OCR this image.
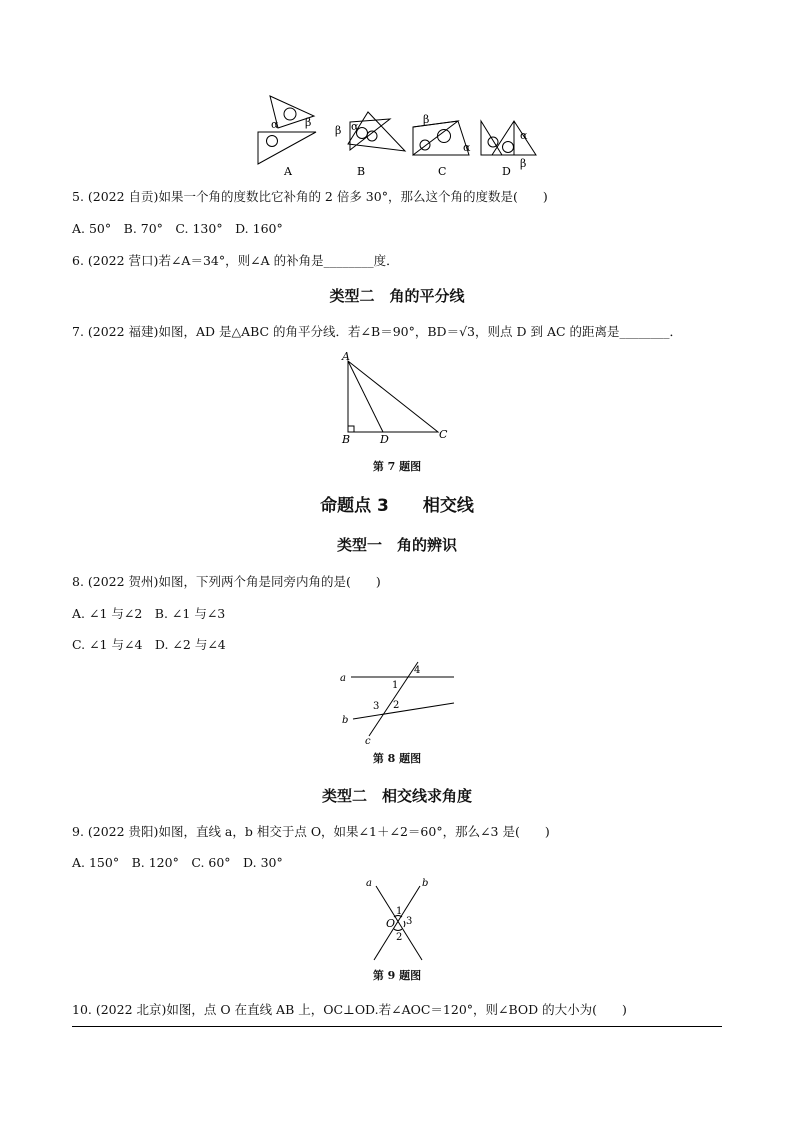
α β	α
β
β
α
α
β
A	B	C	D
5. (2022 自贡)如果一个角的度数比它补角的 2 倍多 30°，那么这个角的度数是(　　)
A. 50°　B. 70°　C. 130°　D. 160°
6. (2022 营口)若∠A＝34°，则∠A 的补角是________度．
类型二　角的平分线
7. (2022 福建)如图，AD 是△ABC 的角平分线．若∠B＝90°，BD＝√3，则点 D 到 AC 的距离是________．
A
B	D	C
第 7 题图
命题点 3　　相交线
类型一　角的辨识
8. (2022 贺州)如图，下列两个角是同旁内角的是(　　)
A. ∠1 与∠2　B. ∠1 与∠3
C. ∠1 与∠4　D. ∠2 与∠4
a
b
c
1
4
3 2
第 8 题图
类型二　相交线求角度
9. (2022 贵阳)如图，直线 a，b 相交于点 O，如果∠1＋∠2＝60°，那么∠3 是(　　)
A. 150°　B. 120°　C. 60°　D. 30°
a	b
O
1
3
2
第 9 题图
10. (2022 北京)如图，点 O 在直线 AB 上，OC⊥OD.若∠AOC＝120°，则∠BOD 的大小为(　　)
